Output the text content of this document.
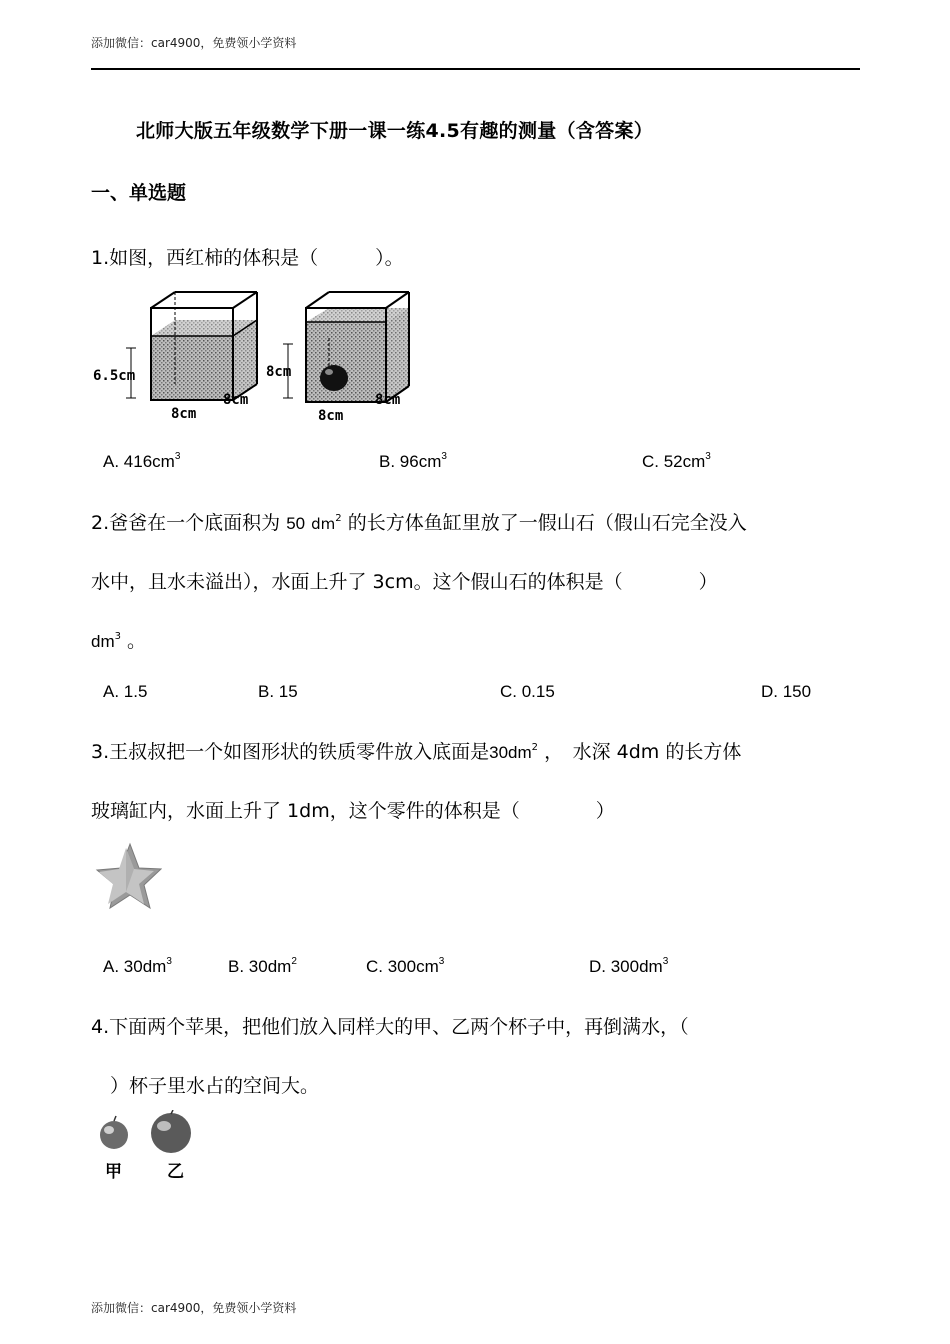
添加微信：car4900，免费领小学资料
北师大版五年级数学下册一课一练4.5有趣的测量（含答案）
一、单选题
1.如图，西红柿的体积是（　　　）。
6.5cm
8cm
8cm
8cm
8cm
8cm
A. $416cm^3$	B. $96cm^3$	C. $52cm^3$
2.爸爸在一个底面积为 50 $dm^2$ 的长方体鱼缸里放了一假山石（假山石完全没入
水中，且水未溢出），水面上升了 3cm。这个假山石的体积是（　　　　）
$dm^3$ 。
A. 1.5	B. 15	C. 0.15	D. 150
3.王叔叔把一个如图形状的铁质零件放入底面是$30dm^2$ ，　水深 4dm 的长方体
玻璃缸内，水面上升了 1dm，这个零件的体积是（　　　　）
A. $30dm^3$	B. $30dm^2$	C. $300cm^3$	D. $300dm^3$
4.下面两个苹果，把他们放入同样大的甲、乙两个杯子中，再倒满水，（
　）杯子里水占的空间大。
甲	乙
添加微信：car4900，免费领小学资料
